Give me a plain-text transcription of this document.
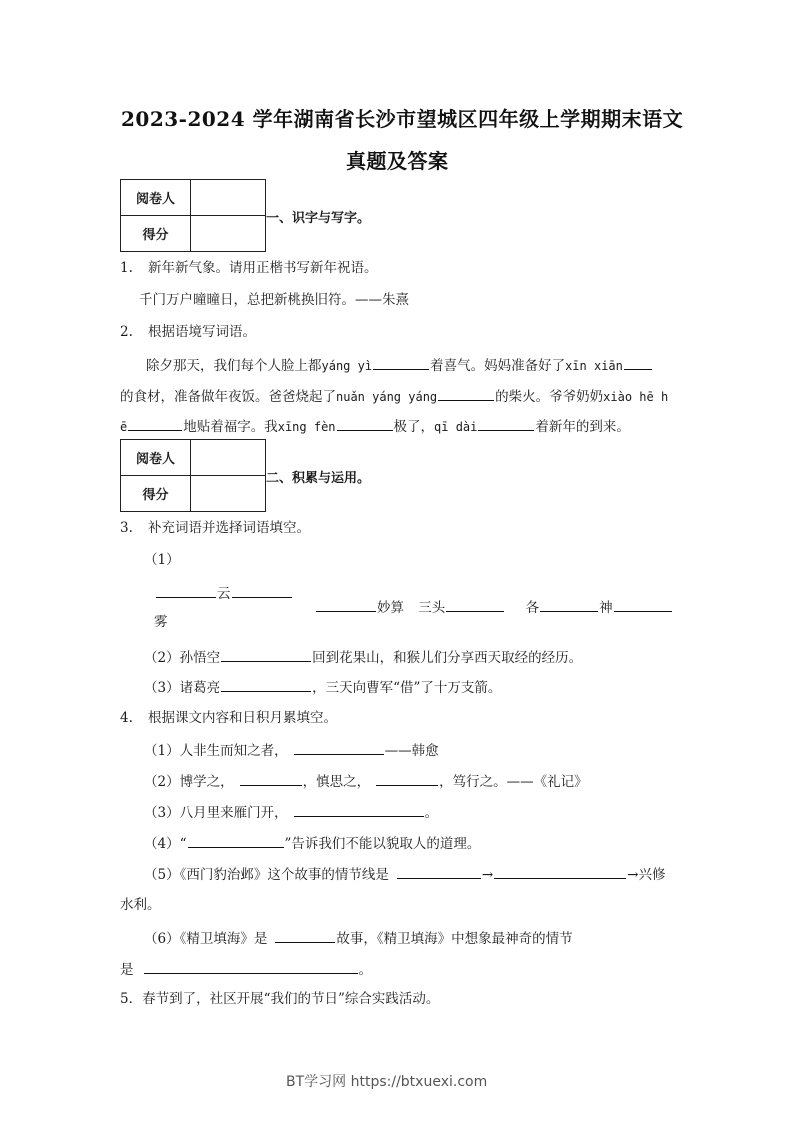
2023-2024 学年湖南省长沙市望城区四年级上学期期末语文
真题及答案
阅卷人	
得分	
一、识字与写字。
1. 新年新气象。请用正楷书写新年祝语。
千门万户曈曈日，总把新桃换旧符。——朱熹
2. 根据语境写词语。
除夕那天，我们每个人脸上都yáng yì	着喜气。妈妈准备好了xīn xiān
的食材，准备做年夜饭。爸爸烧起了nuǎn yáng yáng	的柴火。爷爷奶奶xiào hē h
ē	地贴着福字。我xīng fèn	极了，qī dài	着新年的到来。
阅卷人	
得分	
二、积累与运用。
3. 补充词语并选择词语填空。
（1）
云
雾
妙算 三头	各	神
（2）孙悟空	回到花果山，和猴儿们分享西天取经的经历。
（3）诸葛亮	，三天向曹军“借”了十万支箭。
4. 根据课文内容和日积月累填空。
（1）人非生而知之者，	——韩愈
（2）博学之，	，慎思之，	，笃行之。——《礼记》
（3）八月里来雁门开，	。
（4）“	”告诉我们不能以貌取人的道理。
（5）《西门豹治邺》这个故事的情节线是	→	→兴修
水利。
（6）《精卫填海》是	故事，《精卫填海》中想象最神奇的情节
是	。
5．春节到了，社区开展“我们的节日”综合实践活动。
BT学习网 https://btxuexi.com
